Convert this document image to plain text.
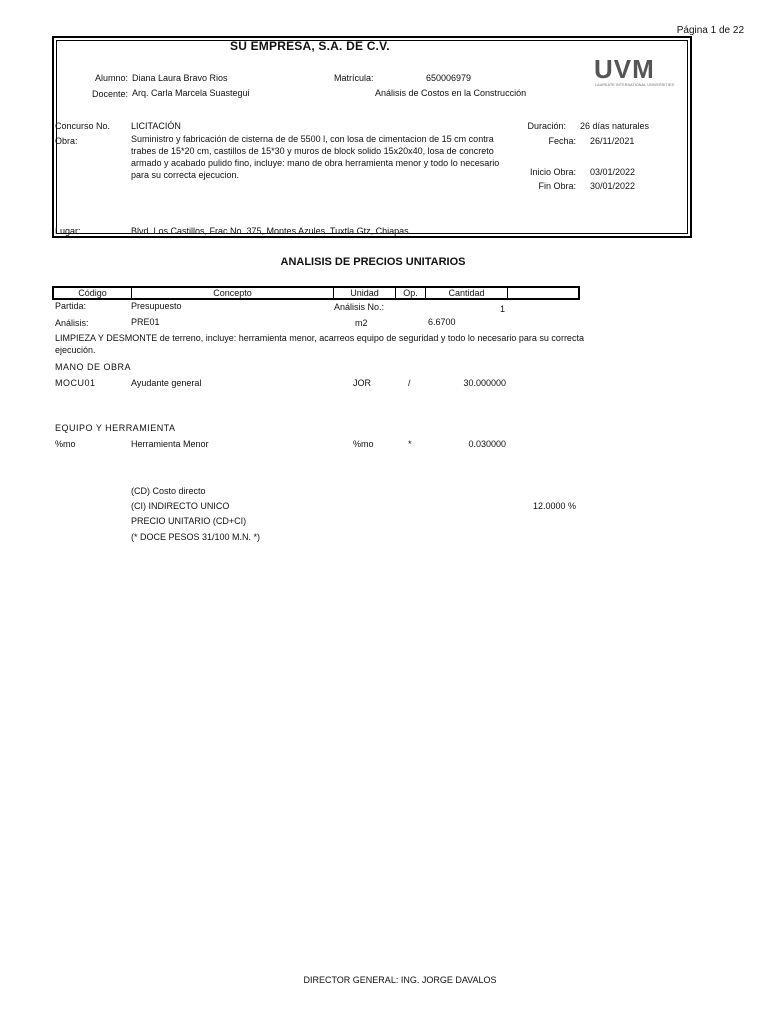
Página 1 de 22
SU EMPRESA, S.A. DE C.V.
Alumno: Diana Laura Bravo Rios	Matrícula:	650006979
Docente: Arq. Carla Marcela Suastegui	Análisis de Costos en la Construcción
UVM
LAUREATE INTERNATIONAL UNIVERSITIES
Concurso No. LICITACIÓN
Obra:	Suministro y fabricación de cisterna de de 5500 l, con losa de cimentacion de 15 cm contra trabes de 15*20 cm, castillos de 15*30 y muros de block solido 15x20x40, losa de concreto armado y acabado pulido fino, incluye: mano de obra herramienta menor y todo lo necesario para su correcta ejecucion.
Duración: 26 días naturales
Fecha: 26/11/2021
Inicio Obra: 03/01/2022
Fin Obra: 30/01/2022
Lugar:	Blvd. Los Castillos, Frac No. 375, Montes Azules. Tuxtla Gtz, Chiapas
ANALISIS DE PRECIOS UNITARIOS
Código	Concepto	Unidad	Op.	Cantidad
Partida:	Presupuesto	Análisis No.:	1
Análisis:	PRE01	m2	6.6700
LIMPIEZA Y DESMONTE de terreno, incluye: herramienta menor, acarreos equipo de seguridad y todo lo necesario para su correcta ejecución.
MANO DE OBRA
MOCU01	Ayudante general	JOR	/	30.000000
EQUIPO Y HERRAMIENTA
%mo	Herramienta Menor	%mo	*	0.030000
(CD) Costo directo
(CI) INDIRECTO UNICO	12.0000 %
PRECIO UNITARIO (CD+CI)
(* DOCE PESOS 31/100 M.N. *)
DIRECTOR GENERAL: ING. JORGE DAVALOS
